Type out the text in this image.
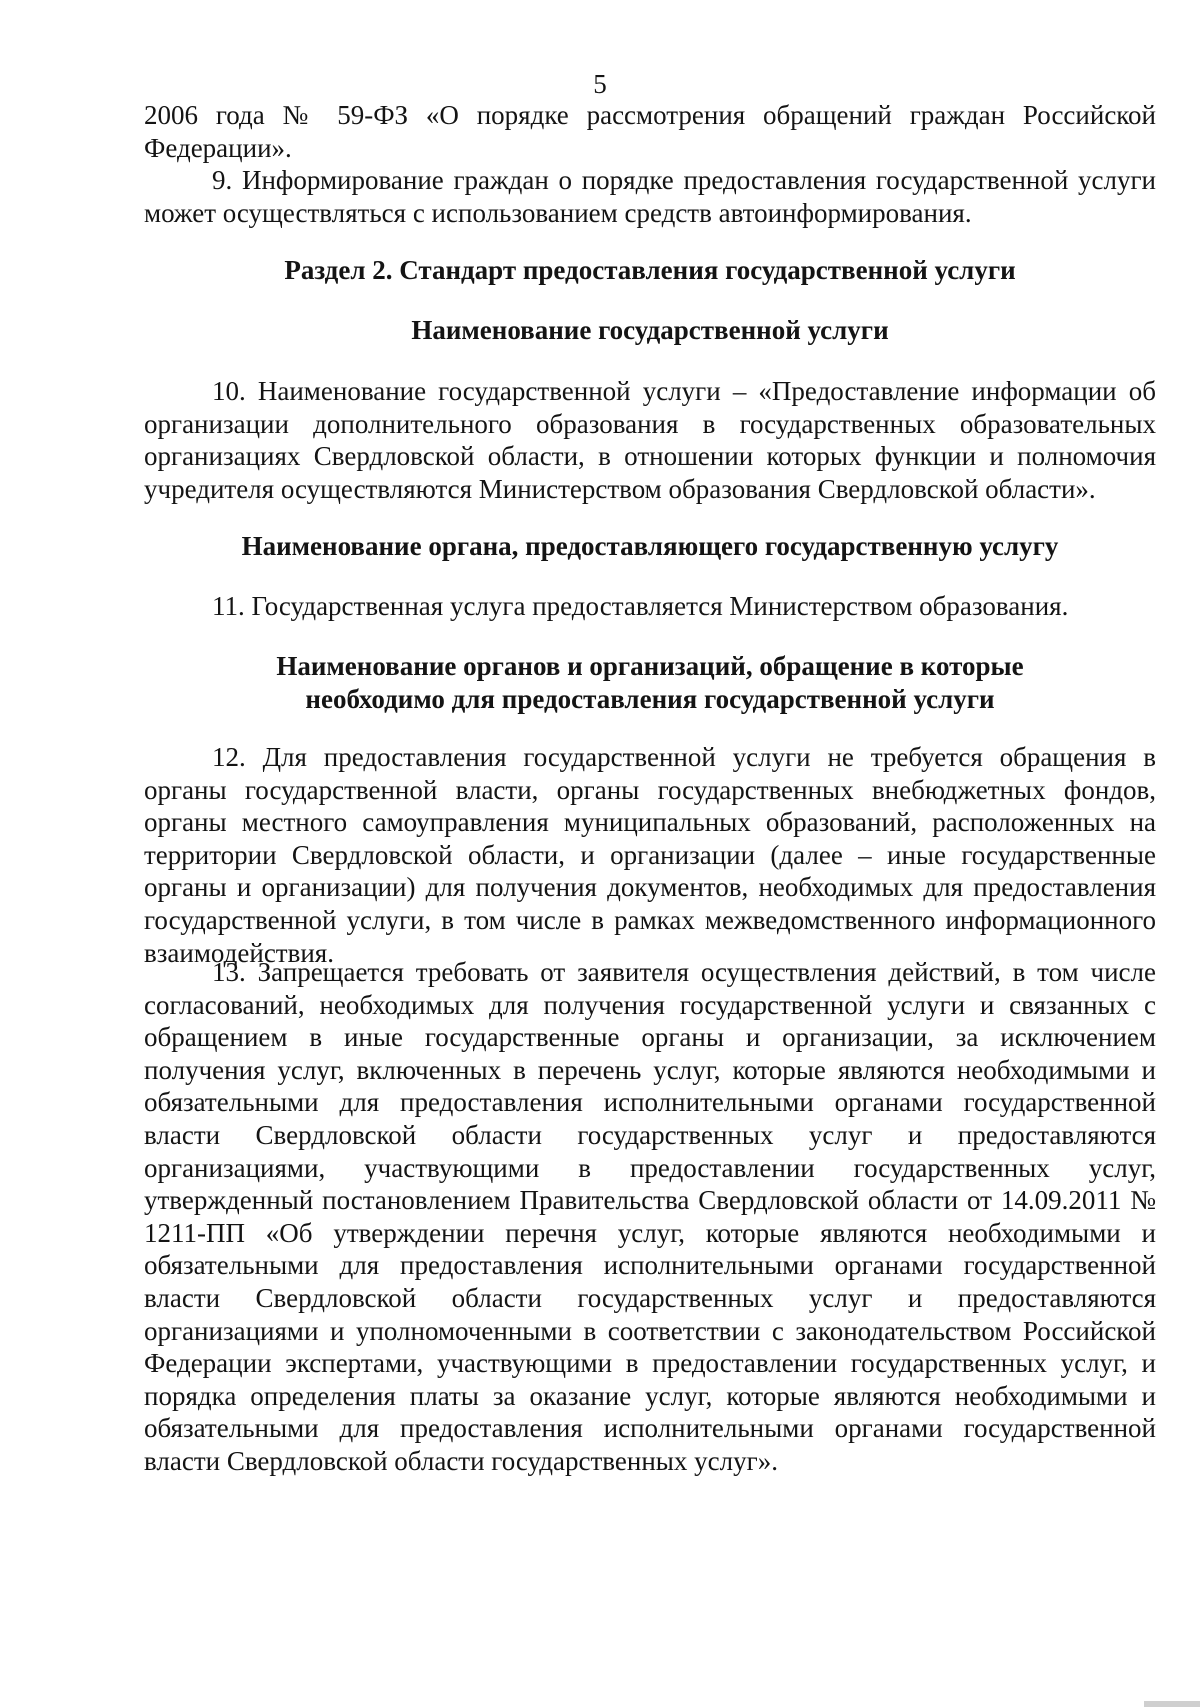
5

2006 года № 59-ФЗ «О порядке рассмотрения обращений граждан Российской Федерации».

9. Информирование граждан о порядке предоставления государственной услуги может осуществляться с использованием средств автоинформирования.

Раздел 2. Стандарт предоставления государственной услуги

Наименование государственной услуги

10. Наименование государственной услуги – «Предоставление информации об организации дополнительного образования в государственных образовательных организациях Свердловской области, в отношении которых функции и полномочия учредителя осуществляются Министерством образования Свердловской области».

Наименование органа, предоставляющего государственную услугу

11. Государственная услуга предоставляется Министерством образования.

Наименование органов и организаций, обращение в которые
необходимо для предоставления государственной услуги

12. Для предоставления государственной услуги не требуется обращения в органы государственной власти, органы государственных внебюджетных фондов, органы местного самоуправления муниципальных образований, расположенных на территории Свердловской области, и организации (далее – иные государственные органы и организации) для получения документов, необходимых для предоставления государственной услуги, в том числе в рамках межведомственного информационного взаимодействия.

13. Запрещается требовать от заявителя осуществления действий, в том числе согласований, необходимых для получения государственной услуги и связанных с обращением в иные государственные органы и организации, за исключением получения услуг, включенных в перечень услуг, которые являются необходимыми и обязательными для предоставления исполнительными органами государственной власти Свердловской области государственных услуг и предоставляются организациями, участвующими в предоставлении государственных услуг, утвержденный постановлением Правительства Свердловской области от 14.09.2011 № 1211-ПП «Об утверждении перечня услуг, которые являются необходимыми и обязательными для предоставления исполнительными органами государственной власти Свердловской области государственных услуг и предоставляются организациями и уполномоченными в соответствии с законодательством Российской Федерации экспертами, участвующими в предоставлении государственных услуг, и порядка определения платы за оказание услуг, которые являются необходимыми и обязательными для предоставления исполнительными органами государственной власти Свердловской области государственных услуг».
